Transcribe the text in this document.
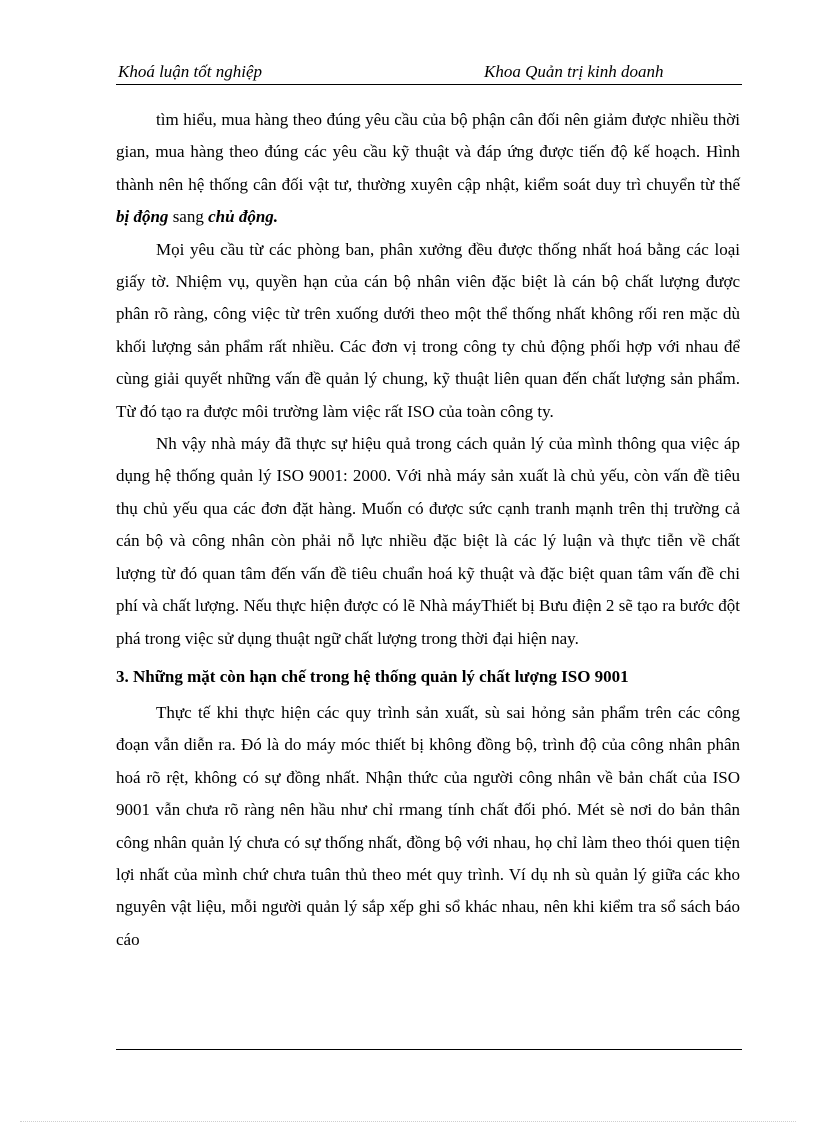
Khoá luận tốt nghiệp	Khoa Quản trị kinh doanh

tìm hiểu, mua hàng theo đúng yêu cầu của bộ phận cân đối nên giảm được nhiều thời gian, mua hàng theo đúng các yêu cầu kỹ thuật và đáp ứng được tiến độ kế hoạch. Hình thành nên hệ thống cân đối vật tư, thường xuyên cập nhật, kiểm soát duy trì chuyển từ thế bị động sang chủ động.

Mọi yêu cầu từ các phòng ban, phân xưởng đều được thống nhất hoá bằng các loại giấy tờ. Nhiệm vụ, quyền hạn của cán bộ nhân viên đặc biệt là cán bộ chất lượng được phân rõ ràng, công việc từ trên xuống dưới theo một thể thống nhất không rối ren mặc dù khối lượng sản phẩm rất nhiều. Các đơn vị trong công ty chủ động phối hợp với nhau để cùng giải quyết những vấn đề quản lý chung, kỹ thuật liên quan đến chất lượng sản phẩm. Từ đó tạo ra được môi trường làm việc rất ISO của toàn công ty.

Nh vậy nhà máy đã thực sự hiệu quả trong cách quản lý của mình thông qua việc áp dụng hệ thống quản lý ISO 9001: 2000. Với nhà máy sản xuất là chủ yếu, còn vấn đề tiêu thụ chủ yếu qua các đơn đặt hàng. Muốn có được sức cạnh tranh mạnh trên thị trường cả cán bộ và công nhân còn phải nỗ lực nhiều đặc biệt là các lý luận và thực tiễn về chất lượng từ đó quan tâm đến vấn đề tiêu chuẩn hoá kỹ thuật và đặc biệt quan tâm vấn đề chi phí và chất lượng. Nếu thực hiện được có lẽ Nhà máyThiết bị Bưu điện 2 sẽ tạo ra bước đột phá trong việc sử dụng thuật ngữ chất lượng trong thời đại hiện nay.

3. Những mặt còn hạn chế trong hệ thống quản lý chất lượng ISO 9001

Thực tế khi thực hiện các quy trình sản xuất, sù sai hỏng sản phẩm trên các công đoạn vẫn diễn ra. Đó là do máy móc thiết bị không đồng bộ, trình độ của công nhân phân hoá rõ rệt, không có sự đồng nhất. Nhận thức của người công nhân về bản chất của ISO 9001 vẫn chưa rõ ràng nên hầu như chỉ rmang tính chất đối phó. Mét sè nơi do bản thân công nhân quản lý chưa có sự thống nhất, đồng bộ với nhau, họ chỉ làm theo thói quen tiện lợi nhất của mình chứ chưa tuân thủ theo mét quy trình. Ví dụ nh sù quản lý giữa các kho nguyên vật liệu, mỗi người quản lý sắp xếp ghi sổ khác nhau, nên khi kiểm tra sổ sách báo cáo
